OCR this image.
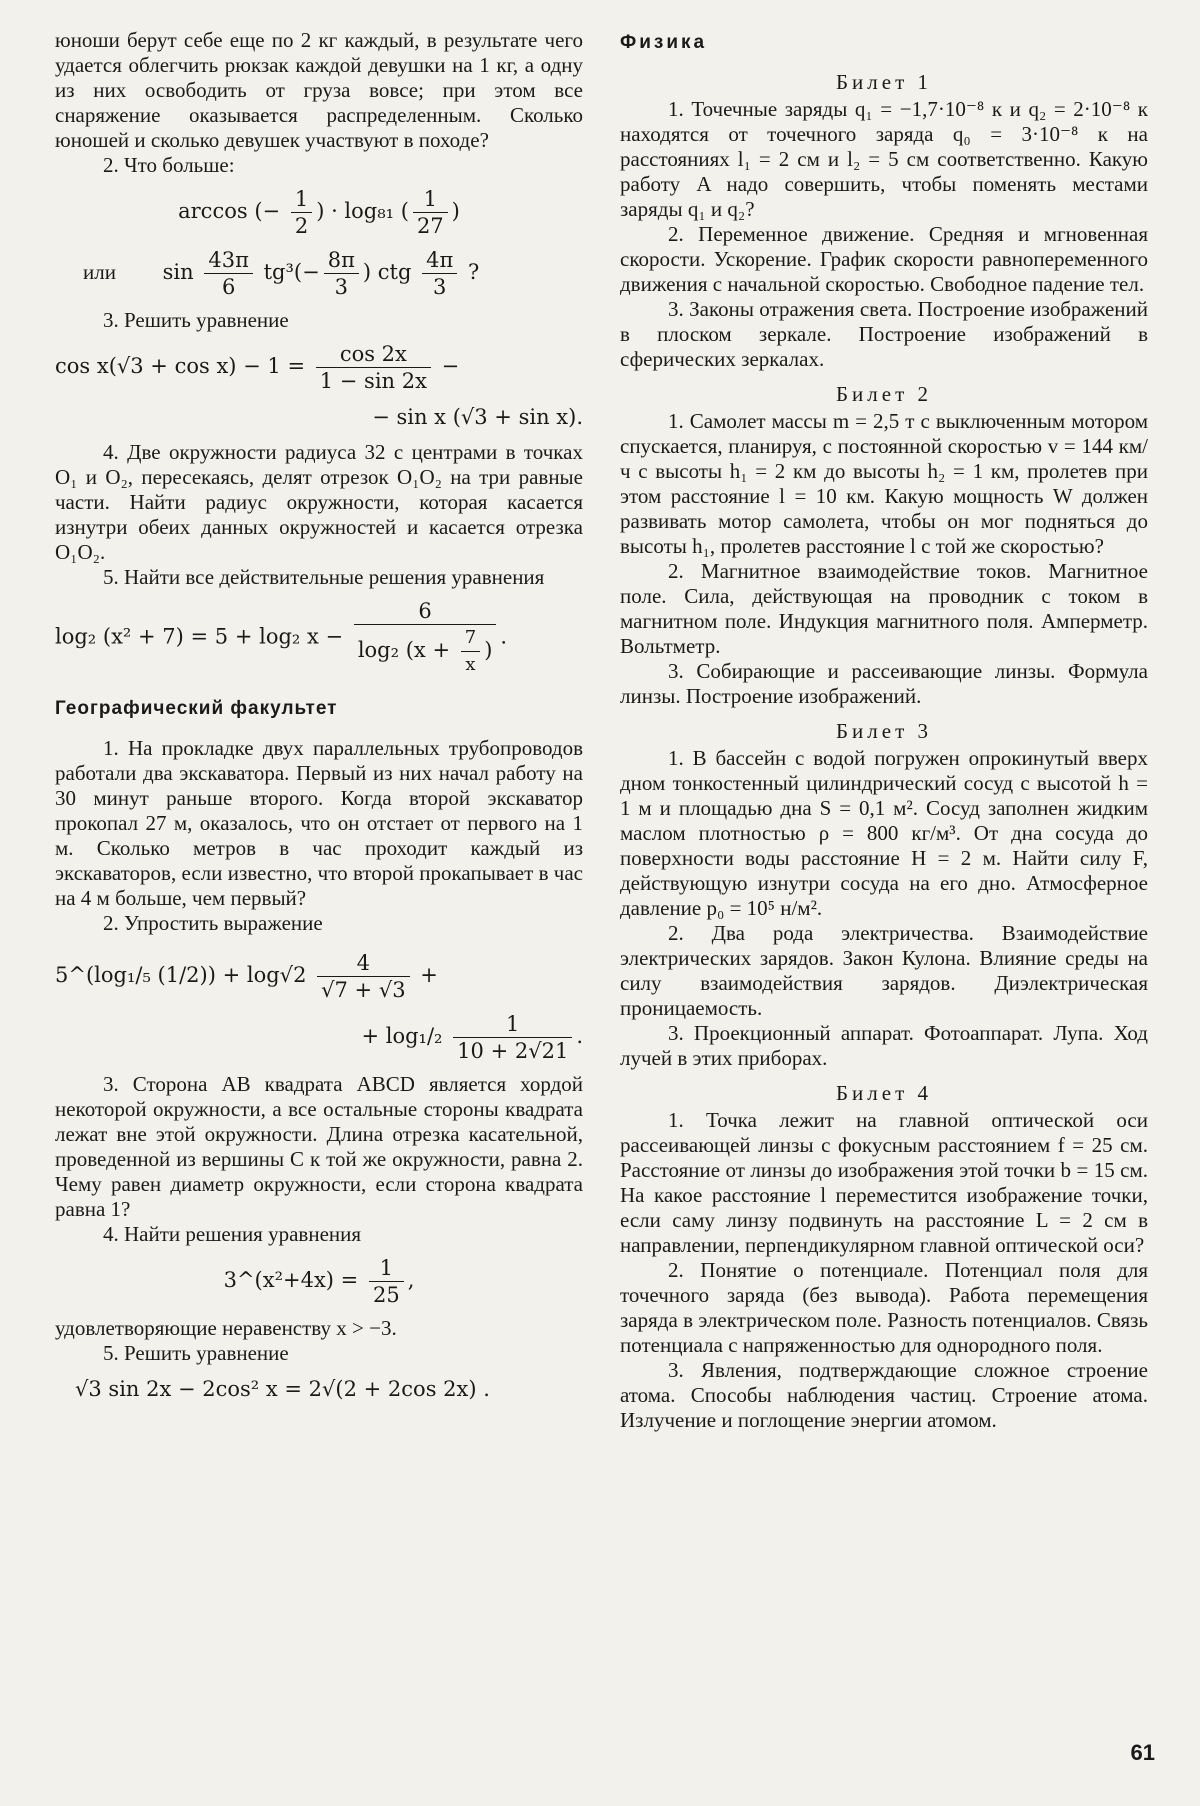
юноши берут себе еще по 2 кг каждый, в результате чего удается облегчить рюкзак каждой девушки на 1 кг, а одну из них освободить от груза вовсе; при этом все снаряжение оказывается распределенным. Сколько юношей и сколько девушек участвуют в походе?

2. Что больше:

arccos (− $\frac{1}{2}$ ) · log₈₁ ( $\frac{1}{27}$ )
или $\sin \frac{43\pi}{6} tg^3(- \frac{8\pi}{3}$ ) ctg $\frac{4\pi}{3}$ ?

3. Решить уравнение

$\cos x(√3 + \cos x) - 1 = \frac{\cos 2x}{1 - \sin 2x}$ −
− sin x (√3 + sin x).

4. Две окружности радиуса 32 с центрами в точках O₁ и O₂, пересекаясь, делят отрезок O₁O₂ на три равные части. Найти радиус окружности, которая касается изнутри обеих данных окружностей и касается отрезка O₁O₂.

5. Найти все действительные решения уравнения

log₂ (x² + 7) = 5 + log₂ $x - \frac{6}{\log_2 (x + \frac{7}{x} )}$ .
Географический факультет

1. На прокладке двух параллельных трубопроводов работали два экскаватора. Первый из них начал работу на 30 минут раньше второго. Когда второй экскаватор прокопал 27 м, оказалось, что он отстает от первого на 1 м. Сколько метров в час проходит каждый из экскаваторов, если известно, что второй прокапывает в час на 4 м больше, чем первый?

2. Упростить выражение

5^(log₁/₅ $(1/2)) + \log√2 \frac{4}{√7 + √3}$ +
+ $\log_1/_2 \frac{1}{10 + 2√21}$ .

3. Сторона AB квадрата ABCD является хордой некоторой окружности, а все остальные стороны квадрата лежат вне этой окружности. Длина отрезка касательной, проведенной из вершины C к той же окружности, равна 2. Чему равен диаметр окружности, если сторона квадрата равна 1?

4. Найти решения уравнения

3^(x²+4x) = $\frac{1}{25}$ ,

удовлетворяющие неравенству x > −3.

5. Решить уравнение

√3 sin 2x − 2cos² x = 2√(2 + 2cos 2x) .
Физика
Билет 1

1. Точечные заряды q₁ = −1,7·10⁻⁸ к и q₂ = 2·10⁻⁸ к находятся от точечного заряда q₀ = 3·10⁻⁸ к на расстояниях l₁ = 2 см и l₂ = 5 см соответственно. Какую работу A надо совершить, чтобы поменять местами заряды q₁ и q₂?

2. Переменное движение. Средняя и мгновенная скорости. Ускорение. График скорости равнопеременного движения с начальной скоростью. Свободное падение тел.

3. Законы отражения света. Построение изображений в плоском зеркале. Построение изображений в сферических зеркалах.

Билет 2

1. Самолет массы m = 2,5 т с выключенным мотором спускается, планируя, с постоянной скоростью v = 144 км/ч с высоты h₁ = 2 км до высоты h₂ = 1 км, пролетев при этом расстояние l = 10 км. Какую мощность W должен развивать мотор самолета, чтобы он мог подняться до высоты h₁, пролетев расстояние l с той же скоростью?

2. Магнитное взаимодействие токов. Магнитное поле. Сила, действующая на проводник с током в магнитном поле. Индукция магнитного поля. Амперметр. Вольтметр.

3. Собирающие и рассеивающие линзы. Формула линзы. Построение изображений.

Билет 3

1. В бассейн с водой погружен опрокинутый вверх дном тонкостенный цилиндрический сосуд с высотой h = 1 м и площадью дна S = 0,1 м². Сосуд заполнен жидким маслом плотностью ρ = 800 кг/м³. От дна сосуда до поверхности воды расстояние H = 2 м. Найти силу F, действующую изнутри сосуда на его дно. Атмосферное давление p₀ = 10⁵ н/м².

2. Два рода электричества. Взаимодействие электрических зарядов. Закон Кулона. Влияние среды на силу взаимодействия зарядов. Диэлектрическая проницаемость.

3. Проекционный аппарат. Фотоаппарат. Лупа. Ход лучей в этих приборах.

Билет 4

1. Точка лежит на главной оптической оси рассеивающей линзы с фокусным расстоянием f = 25 см. Расстояние от линзы до изображения этой точки b = 15 см. На какое расстояние l переместится изображение точки, если саму линзу подвинуть на расстояние L = 2 см в направлении, перпендикулярном главной оптической оси?

2. Понятие о потенциале. Потенциал поля для точечного заряда (без вывода). Работа перемещения заряда в электрическом поле. Разность потенциалов. Связь потенциала с напряженностью для однородного поля.

3. Явления, подтверждающие сложное строение атома. Способы наблюдения частиц. Строение атома. Излучение и поглощение энергии атомом.

61
